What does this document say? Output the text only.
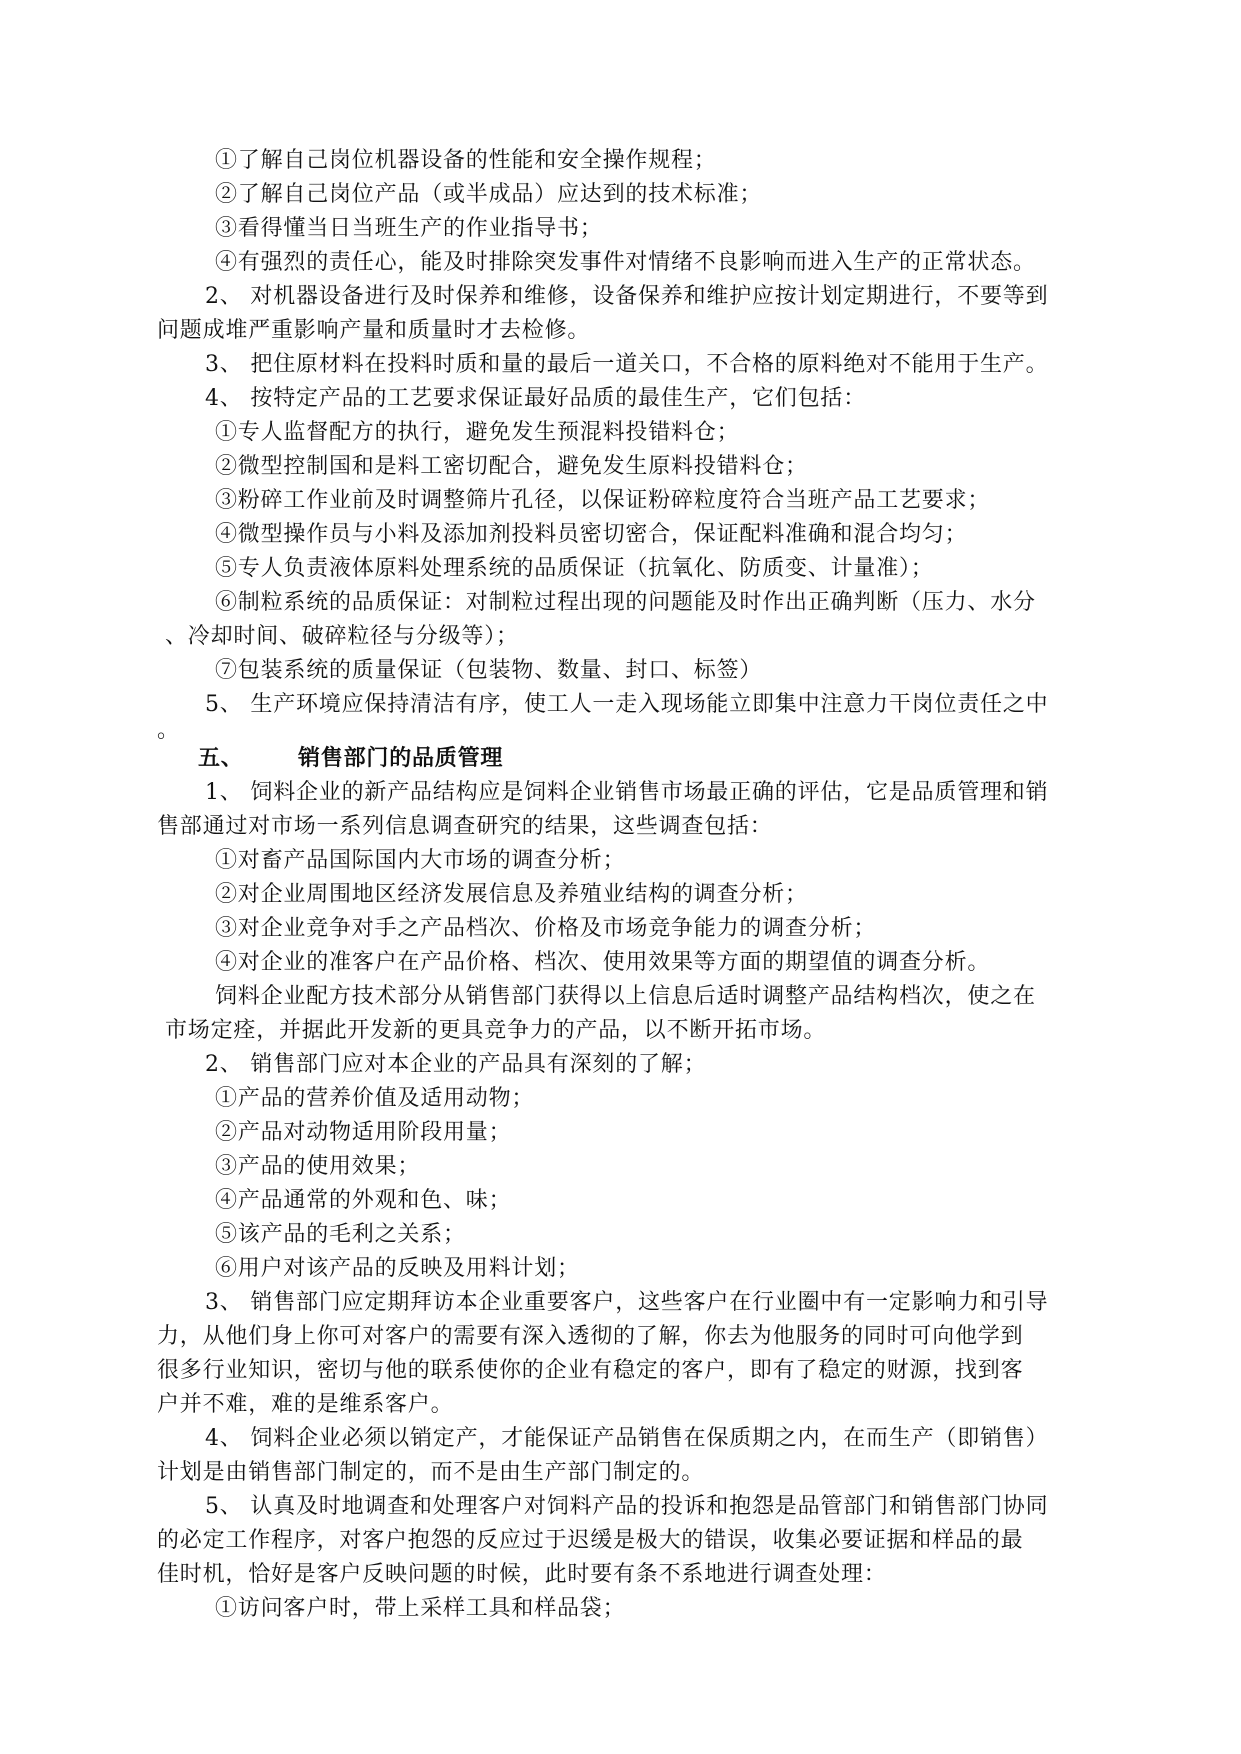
①了解自己岗位机器设备的性能和安全操作规程；
②了解自己岗位产品（或半成品）应达到的技术标准；
③看得懂当日当班生产的作业指导书；
④有强烈的责任心，能及时排除突发事件对情绪不良影响而进入生产的正常状态。
2、 对机器设备进行及时保养和维修，设备保养和维护应按计划定期进行，不要等到
问题成堆严重影响产量和质量时才去检修。
3、 把住原材料在投料时质和量的最后一道关口，不合格的原料绝对不能用于生产。
4、 按特定产品的工艺要求保证最好品质的最佳生产，它们包括：
①专人监督配方的执行，避免发生预混料投错料仓；
②微型控制国和是料工密切配合，避免发生原料投错料仓；
③粉碎工作业前及时调整筛片孔径，以保证粉碎粒度符合当班产品工艺要求；
④微型操作员与小料及添加剂投料员密切密合，保证配料准确和混合均匀；
⑤专人负责液体原料处理系统的品质保证（抗氧化、防质变、计量准）；
⑥制粒系统的品质保证：对制粒过程出现的问题能及时作出正确判断（压力、水分
、冷却时间、破碎粒径与分级等）；
⑦包装系统的质量保证（包装物、数量、封口、标签）
5、 生产环境应保持清洁有序，使工人一走入现场能立即集中注意力干岗位责任之中
。
五、 销售部门的品质管理
1、 饲料企业的新产品结构应是饲料企业销售市场最正确的评估，它是品质管理和销
售部通过对市场一系列信息调查研究的结果，这些调查包括：
①对畜产品国际国内大市场的调查分析；
②对企业周围地区经济发展信息及养殖业结构的调查分析；
③对企业竞争对手之产品档次、价格及市场竞争能力的调查分析；
④对企业的准客户在产品价格、档次、使用效果等方面的期望值的调查分析。
饲料企业配方技术部分从销售部门获得以上信息后适时调整产品结构档次，使之在
市场定痊，并据此开发新的更具竞争力的产品，以不断开拓市场。
2、 销售部门应对本企业的产品具有深刻的了解；
①产品的营养价值及适用动物；
②产品对动物适用阶段用量；
③产品的使用效果；
④产品通常的外观和色、味；
⑤该产品的毛利之关系；
⑥用户对该产品的反映及用料计划；
3、 销售部门应定期拜访本企业重要客户，这些客户在行业圈中有一定影响力和引导
力，从他们身上你可对客户的需要有深入透彻的了解，你去为他服务的同时可向他学到
很多行业知识，密切与他的联系使你的企业有稳定的客户，即有了稳定的财源，找到客
户并不难，难的是维系客户。
4、 饲料企业必须以销定产，才能保证产品销售在保质期之内，在而生产（即销售）
计划是由销售部门制定的，而不是由生产部门制定的。
5、 认真及时地调查和处理客户对饲料产品的投诉和抱怨是品管部门和销售部门协同
的必定工作程序，对客户抱怨的反应过于迟缓是极大的错误，收集必要证据和样品的最
佳时机，恰好是客户反映问题的时候，此时要有条不系地进行调查处理：
①访问客户时，带上采样工具和样品袋；
